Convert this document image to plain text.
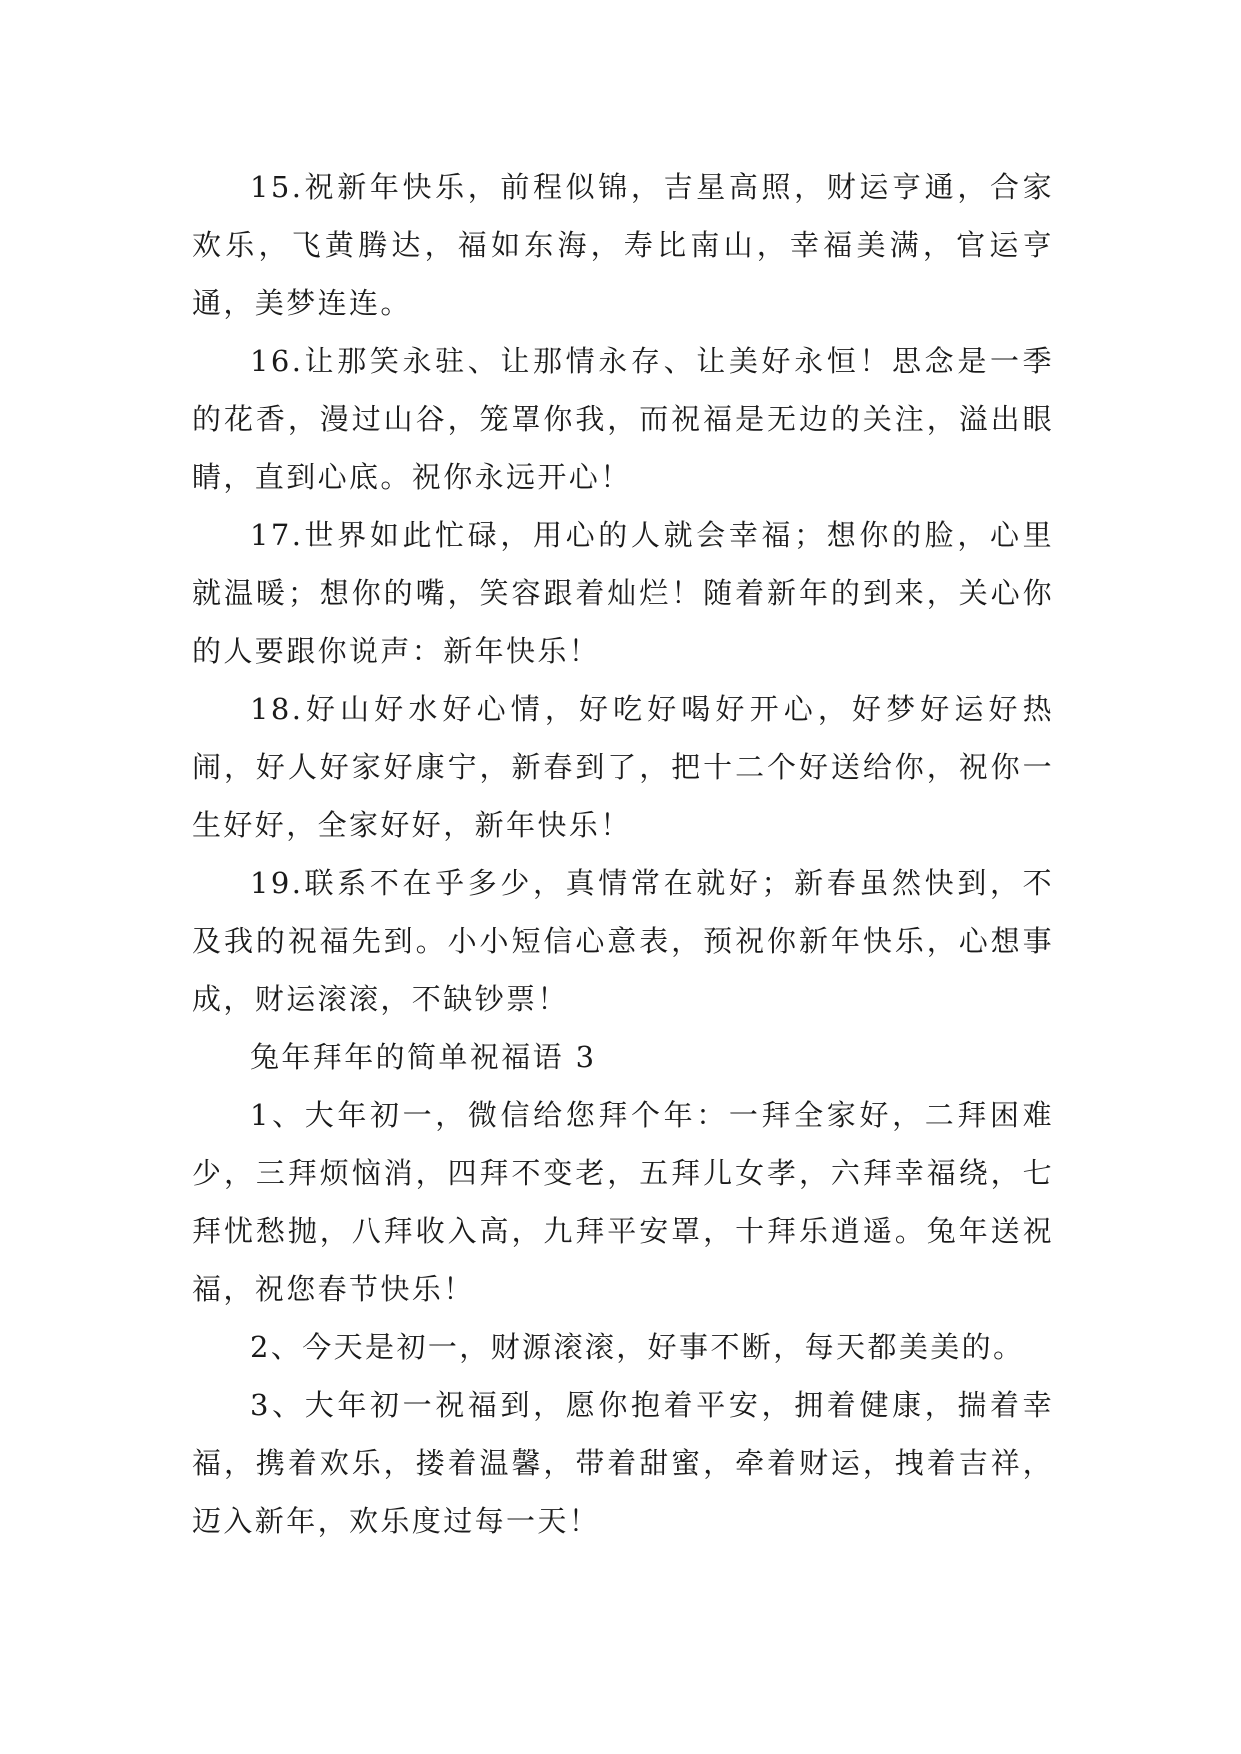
15.祝新年快乐，前程似锦，吉星高照，财运亨通，合家欢乐，飞黄腾达，福如东海，寿比南山，幸福美满，官运亨通，美梦连连。

16.让那笑永驻、让那情永存、让美好永恒！思念是一季的花香，漫过山谷，笼罩你我，而祝福是无边的关注，溢出眼睛，直到心底。祝你永远开心！

17.世界如此忙碌，用心的人就会幸福；想你的脸，心里就温暖；想你的嘴，笑容跟着灿烂！随着新年的到来，关心你的人要跟你说声：新年快乐！

18.好山好水好心情，好吃好喝好开心，好梦好运好热闹，好人好家好康宁，新春到了，把十二个好送给你，祝你一生好好，全家好好，新年快乐！

19.联系不在乎多少，真情常在就好；新春虽然快到，不及我的祝福先到。小小短信心意表，预祝你新年快乐，心想事成，财运滚滚，不缺钞票！

兔年拜年的简单祝福语 3

1、大年初一，微信给您拜个年：一拜全家好，二拜困难少，三拜烦恼消，四拜不变老，五拜儿女孝，六拜幸福绕，七拜忧愁抛，八拜收入高，九拜平安罩，十拜乐逍遥。兔年送祝福，祝您春节快乐！

2、今天是初一，财源滚滚，好事不断，每天都美美的。

3、大年初一祝福到，愿你抱着平安，拥着健康，揣着幸福，携着欢乐，搂着温馨，带着甜蜜，牵着财运，拽着吉祥，迈入新年，欢乐度过每一天！
